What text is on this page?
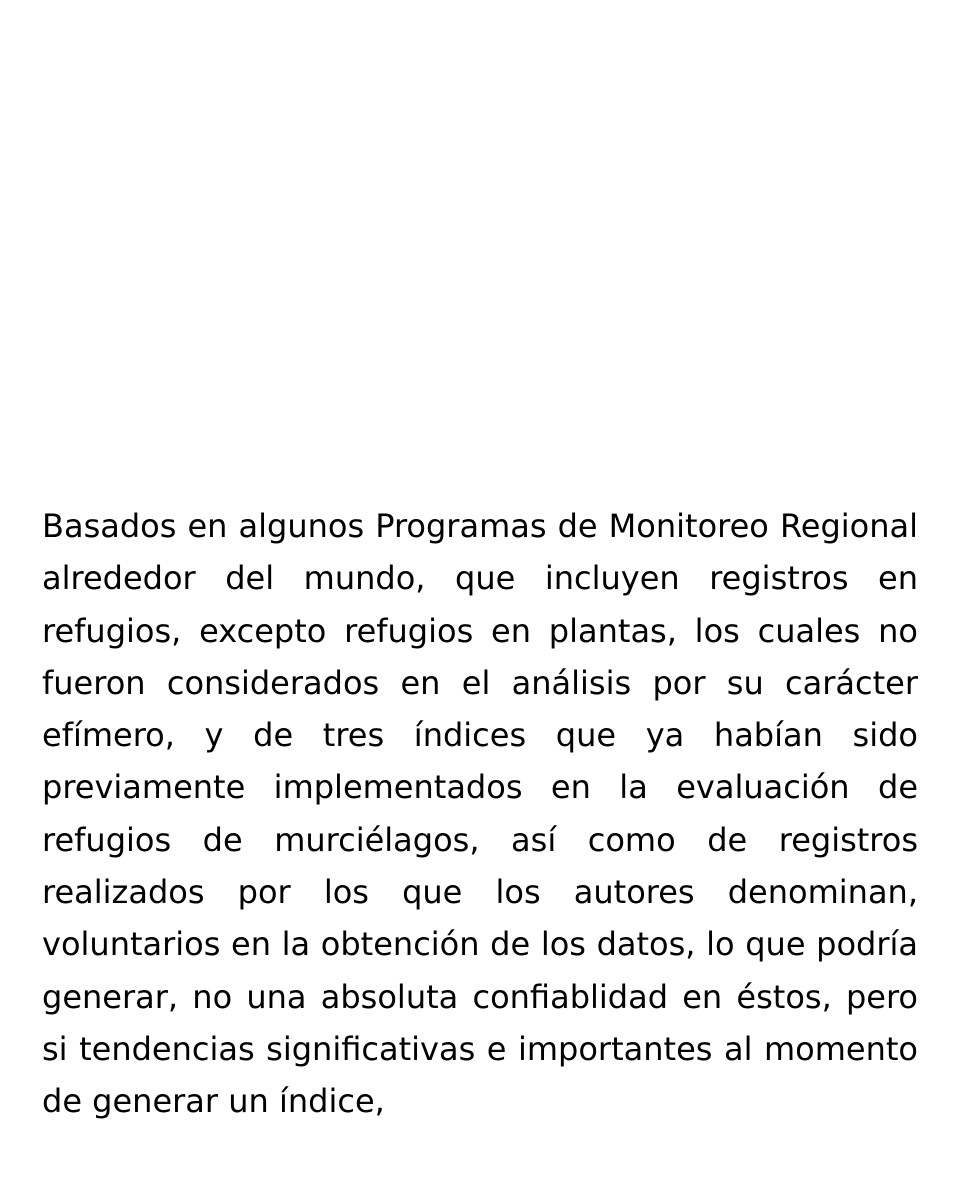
Basados en algunos Programas de Monitoreo Regional alrededor del mundo, que incluyen registros en refugios, excepto refugios en plantas, los cuales no fueron considerados en el análisis por su carácter efímero, y de tres índices que ya habían sido previamente implementados en la evaluación de refugios de murciélagos, así como de registros realizados por los que los autores denominan, voluntarios en la obtención de los datos, lo que podría generar, no una absoluta confiablidad en éstos, pero si tendencias significativas e importantes al momento de generar un índice,
